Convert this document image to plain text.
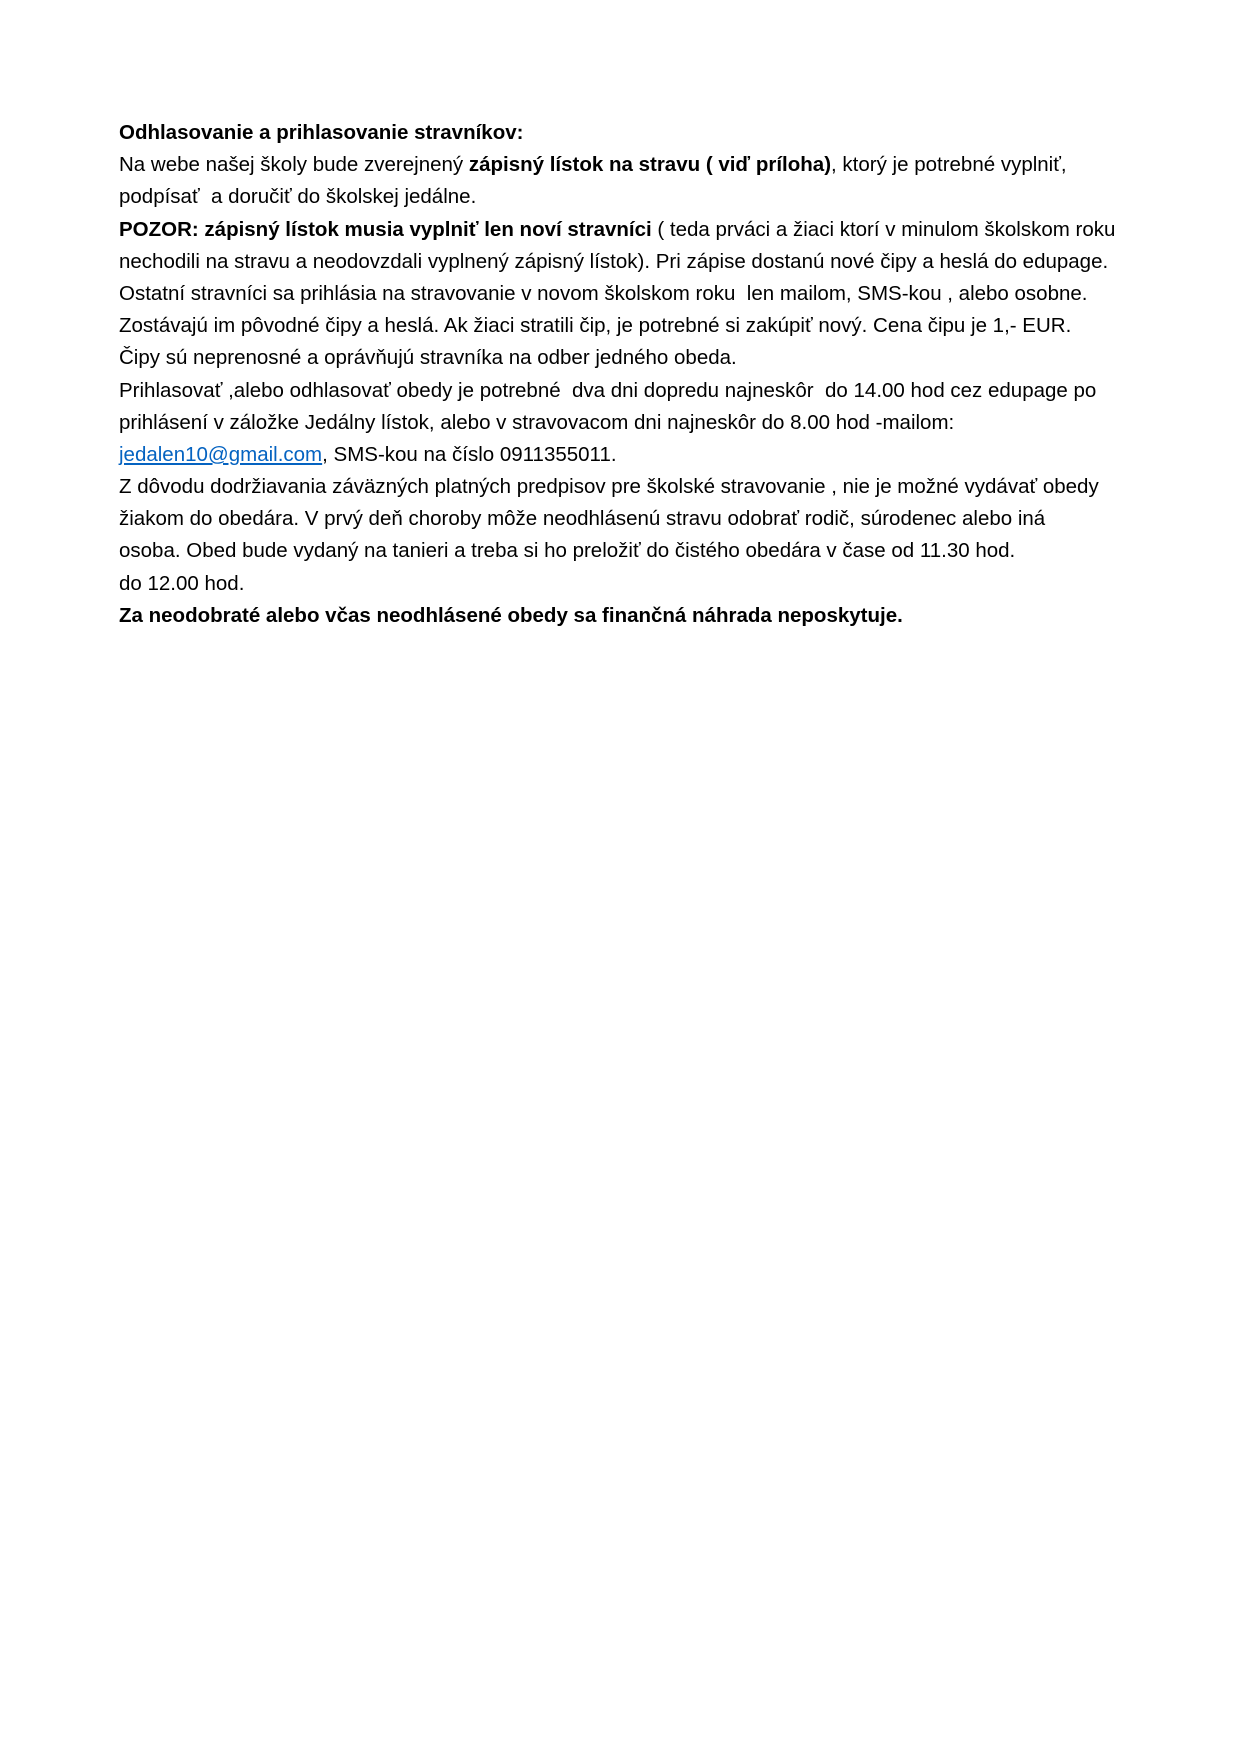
Odhlasovanie a prihlasovanie stravníkov:
Na webe našej školy bude zverejnený zápisný lístok na stravu ( viď príloha), ktorý je potrebné vyplniť,
podpísať  a doručiť do školskej jedálne.
POZOR: zápisný lístok musia vyplniť len noví stravníci ( teda prváci a žiaci ktorí v minulom školskom roku
nechodili na stravu a neodovzdali vyplnený zápisný lístok). Pri zápise dostanú nové čipy a heslá do edupage.
Ostatní stravníci sa prihlásia na stravovanie v novom školskom roku  len mailom, SMS-kou , alebo osobne.
Zostávajú im pôvodné čipy a heslá. Ak žiaci stratili čip, je potrebné si zakúpiť nový. Cena čipu je 1,- EUR.
Čipy sú neprenosné a oprávňujú stravníka na odber jedného obeda.
Prihlasovať ,alebo odhlasovať obedy je potrebné  dva dni dopredu najneskôr  do 14.00 hod cez edupage po
prihlásení v záložke Jedálny lístok, alebo v stravovacom dni najneskôr do 8.00 hod -mailom:
jedalen10@gmail.com, SMS-kou na číslo 0911355011.
Z dôvodu dodržiavania záväzných platných predpisov pre školské stravovanie , nie je možné vydávať obedy
žiakom do obedára. V prvý deň choroby môže neodhlásenú stravu odobrať rodič, súrodenec alebo iná
osoba. Obed bude vydaný na tanieri a treba si ho preložiť do čistého obedára v čase od 11.30 hod.
do 12.00 hod.
Za neodobraté alebo včas neodhlásené obedy sa finančná náhrada neposkytuje.
